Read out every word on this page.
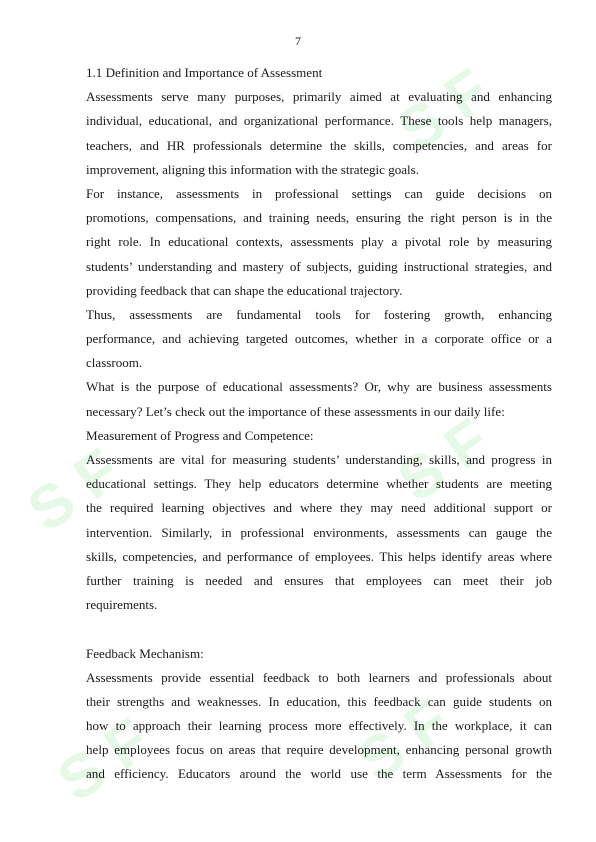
S F
S F
S F
S F
S F
7
1.1 Definition and Importance of Assessment
Assessments serve many purposes, primarily aimed at evaluating and enhancing
individual, educational, and organizational performance. These tools help managers,
teachers, and HR professionals determine the skills, competencies, and areas for
improvement, aligning this information with the strategic goals.
For instance, assessments in professional settings can guide decisions on
promotions, compensations, and training needs, ensuring the right person is in the
right role. In educational contexts, assessments play a pivotal role by measuring
students’ understanding and mastery of subjects, guiding instructional strategies, and
providing feedback that can shape the educational trajectory.
Thus, assessments are fundamental tools for fostering growth, enhancing
performance, and achieving targeted outcomes, whether in a corporate office or a
classroom.
What is the purpose of educational assessments? Or, why are business assessments
necessary? Let’s check out the importance of these assessments in our daily life:
Measurement of Progress and Competence:
Assessments are vital for measuring students’ understanding, skills, and progress in
educational settings. They help educators determine whether students are meeting
the required learning objectives and where they may need additional support or
intervention. Similarly, in professional environments, assessments can gauge the
skills, competencies, and performance of employees. This helps identify areas where
further training is needed and ensures that employees can meet their job
requirements.
Feedback Mechanism:
Assessments provide essential feedback to both learners and professionals about
their strengths and weaknesses. In education, this feedback can guide students on
how to approach their learning process more effectively. In the workplace, it can
help employees focus on areas that require development, enhancing personal growth
and efficiency. Educators around the world use the term Assessments for the
